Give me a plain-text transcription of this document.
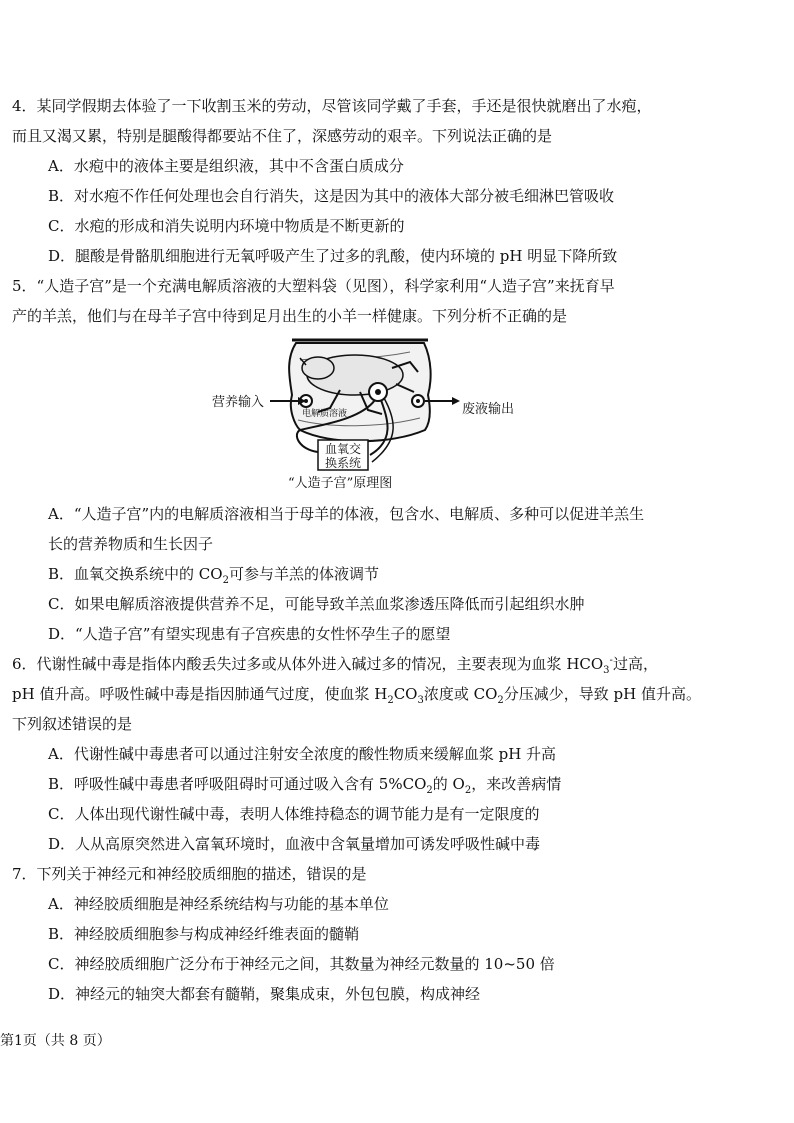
4．某同学假期去体验了一下收割玉米的劳动，尽管该同学戴了手套，手还是很快就磨出了水疱，
而且又渴又累，特别是腿酸得都要站不住了，深感劳动的艰辛。下列说法正确的是
A．水疱中的液体主要是组织液，其中不含蛋白质成分
B．对水疱不作任何处理也会自行消失，这是因为其中的液体大部分被毛细淋巴管吸收
C．水疱的形成和消失说明内环境中物质是不断更新的
D．腿酸是骨骼肌细胞进行无氧呼吸产生了过多的乳酸，使内环境的 pH 明显下降所致
5．“人造子宫”是一个充满电解质溶液的大塑料袋（见图），科学家利用“人造子宫”来抚育早
产的羊羔，他们与在母羊子宫中待到足月出生的小羊一样健康。下列分析不正确的是
血氧交
换系统
营养输入
电解质溶液	废液输出
“人造子宫”原理图
A．“人造子宫”内的电解质溶液相当于母羊的体液，包含水、电解质、多种可以促进羊羔生
长的营养物质和生长因子
B．血氧交换系统中的 $CO_2$可参与羊羔的体液调节
C．如果电解质溶液提供营养不足，可能导致羊羔血浆渗透压降低而引起组织水肿
D．“人造子宫”有望实现患有子宫疾患的女性怀孕生子的愿望
6．代谢性碱中毒是指体内酸丢失过多或从体外进入碱过多的情况，主要表现为血浆 $HCO_3^-$过高，
pH 值升高。呼吸性碱中毒是指因肺通气过度，使血浆 $H_2CO_3$浓度或 $CO_2$分压减少，导致 pH 值升高。
下列叙述错误的是
A．代谢性碱中毒患者可以通过注射安全浓度的酸性物质来缓解血浆 pH 升高
B．呼吸性碱中毒患者呼吸阻碍时可通过吸入含有 $5\%CO_2$的 $O_2$，来改善病情
C．人体出现代谢性碱中毒，表明人体维持稳态的调节能力是有一定限度的
D．人从高原突然进入富氧环境时，血液中含氧量增加可诱发呼吸性碱中毒
7．下列关于神经元和神经胶质细胞的描述，错误的是
A．神经胶质细胞是神经系统结构与功能的基本单位
B．神经胶质细胞参与构成神经纤维表面的髓鞘
C．神经胶质细胞广泛分布于神经元之间，其数量为神经元数量的 10~50 倍
D．神经元的轴突大都套有髓鞘，聚集成束，外包包膜，构成神经
第1页（共 8 页）
